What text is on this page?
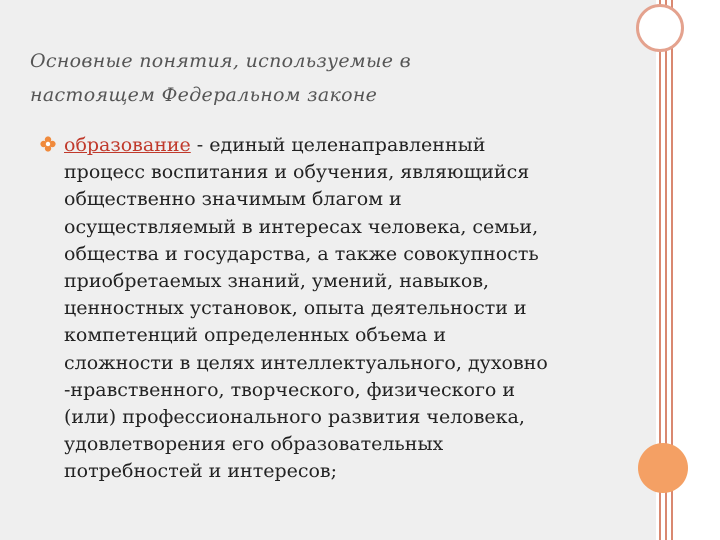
Основные понятия, используемые в
настоящем Федеральном законе
образование - единый целенаправленный
процесс воспитания и обучения, являющийся
общественно значимым благом и
осуществляемый в интересах человека, семьи,
общества и государства, а также совокупность
приобретаемых знаний, умений, навыков,
ценностных установок, опыта деятельности и
компетенций определенных объема и
сложности в целях интеллектуального, духовно
-нравственного, творческого, физического и
(или) профессионального развития человека,
удовлетворения его образовательных
потребностей и интересов;
